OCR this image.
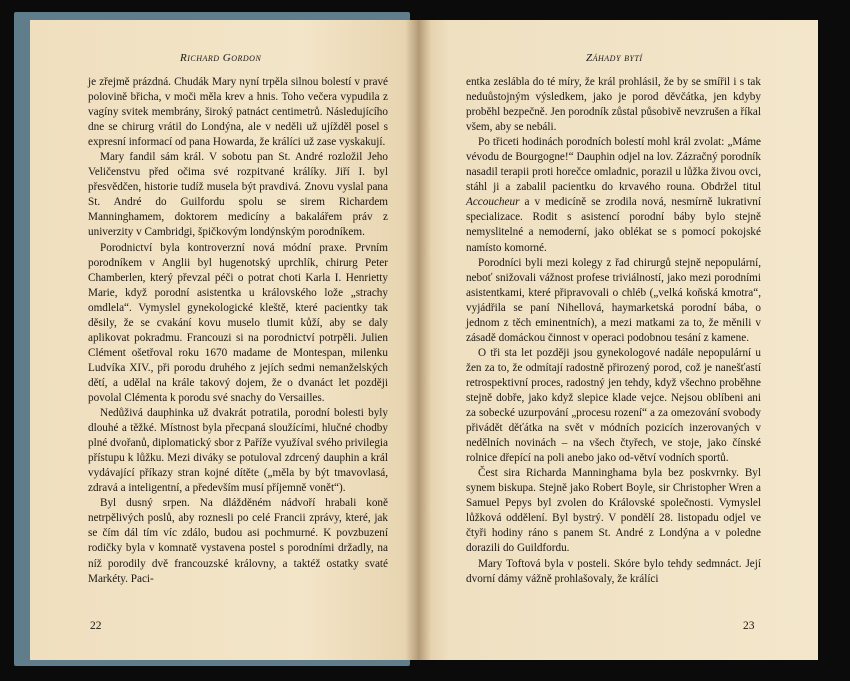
Richard Gordon

je zřejmě prázdná. Chudák Mary nyní trpěla silnou bolestí v pravé polovině břicha, v moči měla krev a hnis. Toho večera vypudila z vagíny svitek membrány, široký patnáct centimetrů. Následujícího dne se chirurg vrátil do Londýna, ale v neděli už ujížděl posel s expresní informací od pana Howarda, že králíci už zase vyskakují.

Mary fandil sám král. V sobotu pan St. André rozložil Jeho Veličenstvu před očima své rozpitvané králíky. Jiří I. byl přesvědčen, historie tudíž musela být pravdivá. Znovu vyslal pana St. André do Guilfordu spolu se sirem Richardem Manninghamem, doktorem medicíny a bakalářem práv z univerzity v Cambridgi, špičkovým londýnským porodníkem.

Porodnictví byla kontroverzní nová módní praxe. Prvním porodníkem v Anglii byl hugenotský uprchlík, chirurg Peter Chamberlen, který převzal péči o potrat choti Karla I. Henrietty Marie, když porodní asistentka u královského lože „strachy omdlela“. Vymyslel gynekologické kleště, které pacientky tak děsily, že se cvakání kovu muselo tlumit kůží, aby se daly aplikovat pokradmu. Francouzi si na porodnictví potrpěli. Julien Clément ošetřoval roku 1670 madame de Montespan, milenku Ludvíka XIV., při porodu druhého z jejích sedmi nemanželských dětí, a udělal na krále takový dojem, že o dvanáct let později povolal Clémenta k porodu své snachy do Versailles.

Nedůživá dauphinka už dvakrát potratila, porodní bolesti byly dlouhé a těžké. Místnost byla přecpaná sloužícími, hlučné chodby plné dvořanů, diplomatický sbor z Paříže využíval svého privilegia přístupu k lůžku. Mezi diváky se potuloval zdrcený dauphin a král vydávající příkazy stran kojné dítěte („měla by být tmavovlasá, zdravá a inteligentní, a především musí příjemně vonět“).

Byl dusný srpen. Na dlážděném nádvoří hrabali koně netrpělivých poslů, aby roznesli po celé Francii zprávy, které, jak se čím dál tím víc zdálo, budou asi pochmurné. K povzbuzení rodičky byla v komnatě vystavena postel s porodními držadly, na níž porodily dvě francouzské královny, a taktéž ostatky svaté Markéty. Paci-

22
Záhady bytí

entka zeslábla do té míry, že král prohlásil, že by se smířil i s tak neduůstojným výsledkem, jako je porod děvčátka, jen kdyby proběhl bezpečně. Jen porodník zůstal působivě nevzrušen a říkal všem, aby se nebáli.

Po třiceti hodinách porodních bolestí mohl král zvolat: „Máme vévodu de Bourgogne!“ Dauphin odjel na lov. Zázračný porodník nasadil terapii proti horečce omladnic, porazil u lůžka živou ovci, stáhl ji a zabalil pacientku do krvavého rouna. Obdržel titul Accoucheur a v medicíně se zrodila nová, nesmírně lukrativní specializace. Rodit s asistencí porodní báby bylo stejně nemyslitelné a nemoderní, jako oblékat se s pomocí pokojské namísto komorné.

Porodníci byli mezi kolegy z řad chirurgů stejně nepopulární, neboť snižovali vážnost profese triviálností, jako mezi porodními asistentkami, které připravovali o chléb („velká koňská kmotra“, vyjádřila se paní Nihellová, haymarketská porodní bába, o jednom z těch eminentních), a mezi matkami za to, že měnili v zásadě domáckou činnost v operaci podobnou tesání z kamene.

O tři sta let později jsou gynekologové nadále nepopulární u žen za to, že odmítají radostně přirozený porod, což je nanešťastí retrospektivní proces, radostný jen tehdy, když všechno proběhne stejně dobře, jako když slepice klade vejce. Nejsou oblíbeni ani za sobecké uzurpování „procesu rození“ a za omezování svobody přivádět děťátka na svět v módních pozicích inzerovaných v nedělních novinách – na všech čtyřech, ve stoje, jako čínské rolnice dřepící na poli anebo jako od-větví vodních sportů.

Čest sira Richarda Manninghama byla bez poskvrnky. Byl synem biskupa. Stejně jako Robert Boyle, sir Christopher Wren a Samuel Pepys byl zvolen do Královské společnosti. Vymyslel lůžková oddělení. Byl bystrý. V pondělí 28. listopadu odjel ve čtyři hodiny ráno s panem St. André z Londýna a v poledne dorazili do Guildfordu.

Mary Toftová byla v posteli. Skóre bylo tehdy sedmnáct. Její dvorní dámy vážně prohlašovaly, že králíci

23
